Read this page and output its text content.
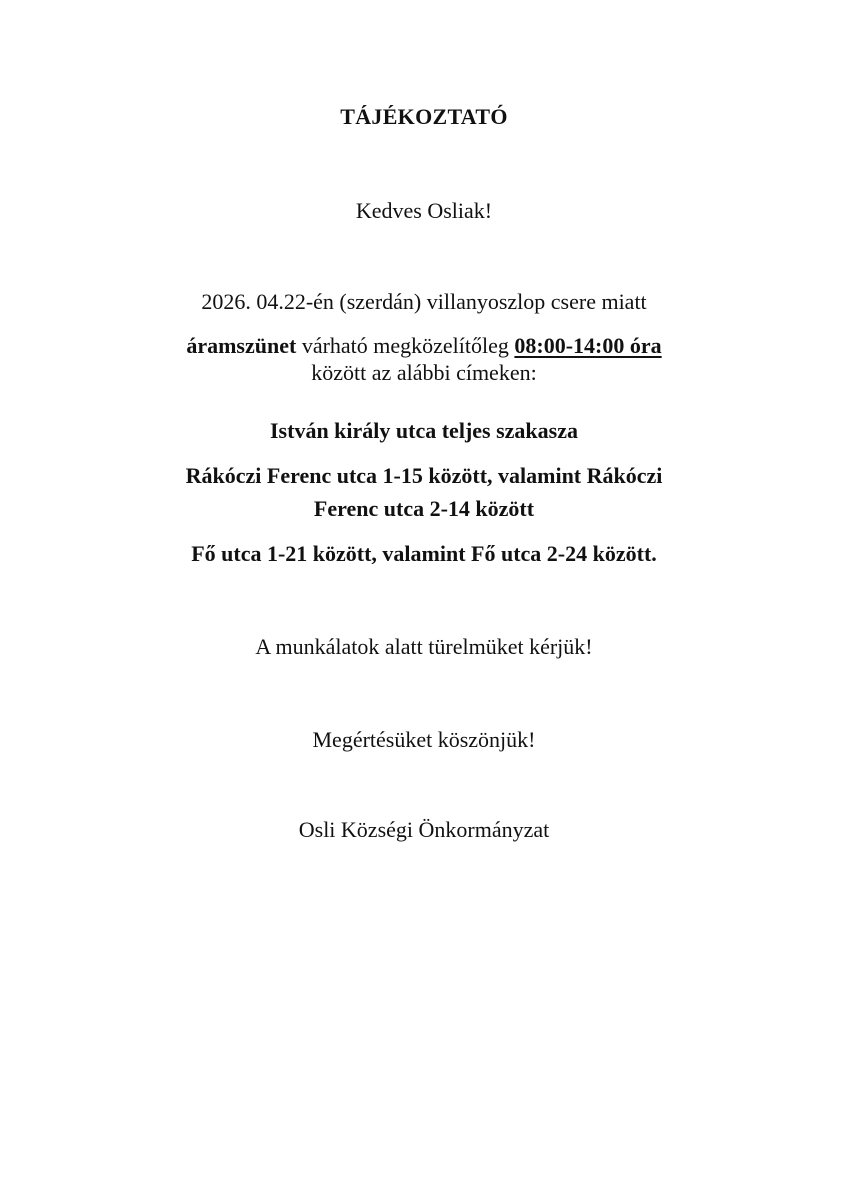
TÁJÉKOZTATÓ
Kedves Osliak!
2026. 04.22-én (szerdán) villanyoszlop csere miatt
áramszünet várható megközelítőleg 08:00-14:00 óra
között az alábbi címeken:
István király utca teljes szakasza
Rákóczi Ferenc utca 1-15 között, valamint Rákóczi
Ferenc utca 2-14 között
Fő utca 1-21 között, valamint Fő utca 2-24 között.
A munkálatok alatt türelmüket kérjük!
Megértésüket köszönjük!
Osli Községi Önkormányzat
